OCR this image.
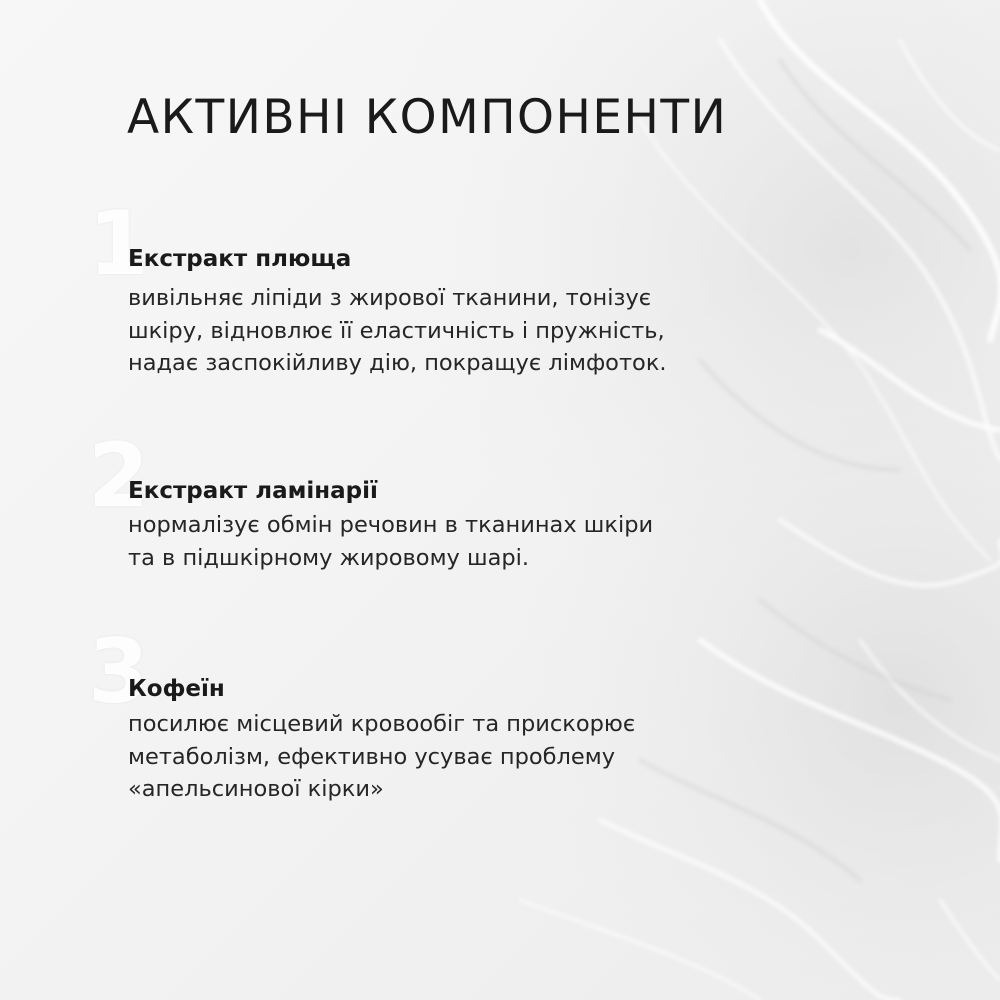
АКТИВНІ КОМПОНЕНТИ
1
Екстракт плюща

вивільняє ліпіди з жирової тканини, тонізує
шкіру, відновлює її еластичність і пружність,
надає заспокійливу дію, покращує лімфоток.

2
Екстракт ламінарії

нормалізує обмін речовин в тканинах шкіри
та в підшкірному жировому шарі.

3
Кофеїн

посилює місцевий кровообіг та прискорює
метаболізм, ефективно усуває проблему
«апельсинової кірки»
